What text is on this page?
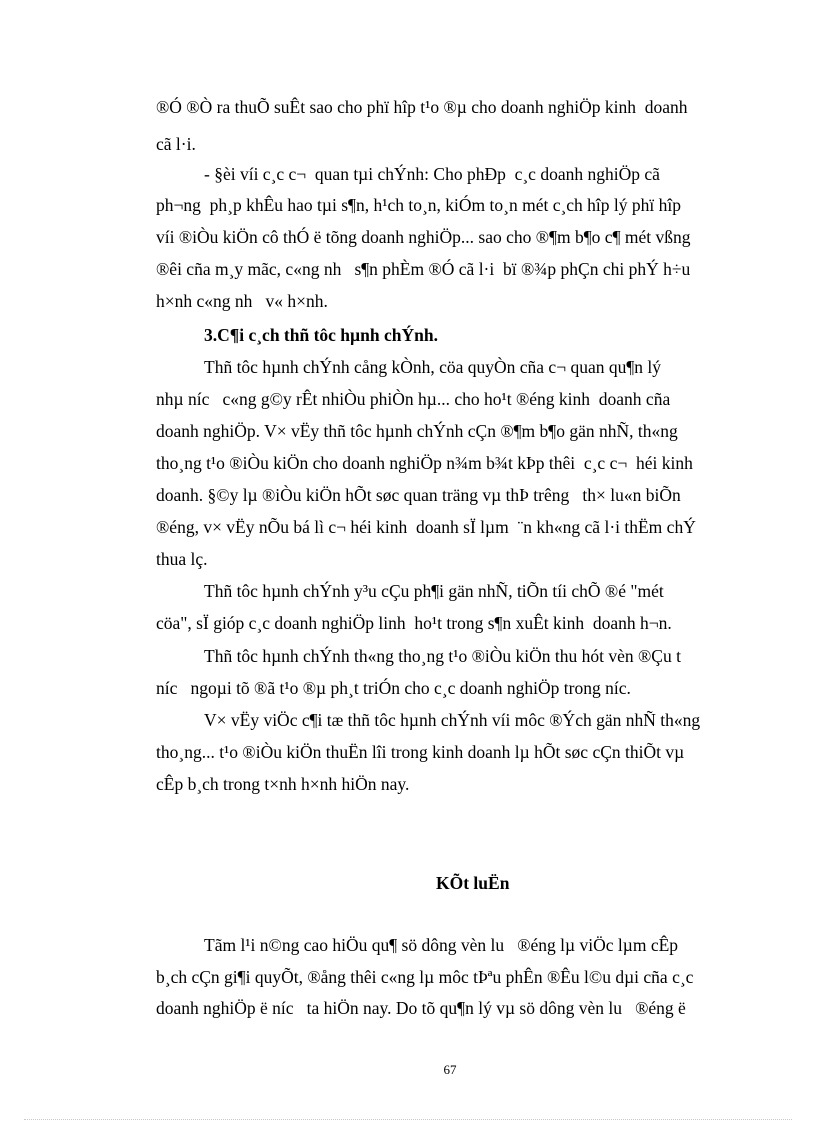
®Ó ®Ò ra thuÕ suÊt sao cho phï hîp t¹o ®µ cho doanh nghiÖp kinh  doanh
cã l·i.
- §èi víi c¸c c¬  quan tµi chÝnh: Cho phÐp  c¸c doanh nghiÖp cã
ph¬ng  ph¸p khÊu hao tµi s¶n, h¹ch to¸n, kiÓm to¸n mét c¸ch hîp lý phï hîp
víi ®iÒu kiÖn cô thÓ ë tõng doanh nghiÖp... sao cho ®¶m b¶o c¶ mét vßng
®êi cña m¸y mãc, c«ng nh   s¶n phÈm ®Ó cã l·i  bï ®¾p phÇn chi phÝ h÷u
h×nh c«ng nh   v« h×nh.
3.C¶i c¸ch thñ tôc hµnh chÝnh.
Thñ tôc hµnh chÝnh cång kÒnh, cöa quyÒn cña c¬ quan qu¶n lý
nhµ níc   c«ng g©y rÊt nhiÒu phiÒn hµ... cho ho¹t ®éng kinh  doanh cña
doanh nghiÖp. V× vËy thñ tôc hµnh chÝnh cÇn ®¶m b¶o gän nhÑ, th«ng
tho¸ng t¹o ®iÒu kiÖn cho doanh nghiÖp n¾m b¾t kÞp thêi  c¸c c¬  héi kinh
doanh. §©y lµ ®iÒu kiÖn hÕt søc quan träng vµ thÞ trêng   th× lu«n biÕn
®éng, v× vËy nÕu bá lì c¬ héi kinh  doanh sÏ lµm  ¨n kh«ng cã l·i thËm chÝ
thua lç.
Thñ tôc hµnh chÝnh y³u cÇu ph¶i gän nhÑ, tiÕn tíi chÕ ®é "mét
cöa", sÏ gióp c¸c doanh nghiÖp linh  ho¹t trong s¶n xuÊt kinh  doanh h¬n.
Thñ tôc hµnh chÝnh th«ng tho¸ng t¹o ®iÒu kiÖn thu hót vèn ®Çu t
níc   ngoµi tõ ®ã t¹o ®µ ph¸t triÓn cho c¸c doanh nghiÖp trong níc.
V× vËy viÖc c¶i tæ thñ tôc hµnh chÝnh víi môc ®Ých gän nhÑ th«ng
tho¸ng... t¹o ®iÒu kiÖn thuËn lîi trong kinh doanh lµ hÕt søc cÇn thiÕt vµ
cÊp b¸ch trong t×nh h×nh hiÖn nay.
KÕt luËn
Tãm l¹i n©ng cao hiÖu qu¶ sö dông vèn lu   ®éng lµ viÖc lµm cÊp
b¸ch cÇn gi¶i quyÕt, ®ång thêi c«ng lµ môc tÞªu phÊn ®Êu l©u dµi cña c¸c
doanh nghiÖp ë níc   ta hiÖn nay. Do tõ qu¶n lý vµ sö dông vèn lu   ®éng ë
67
